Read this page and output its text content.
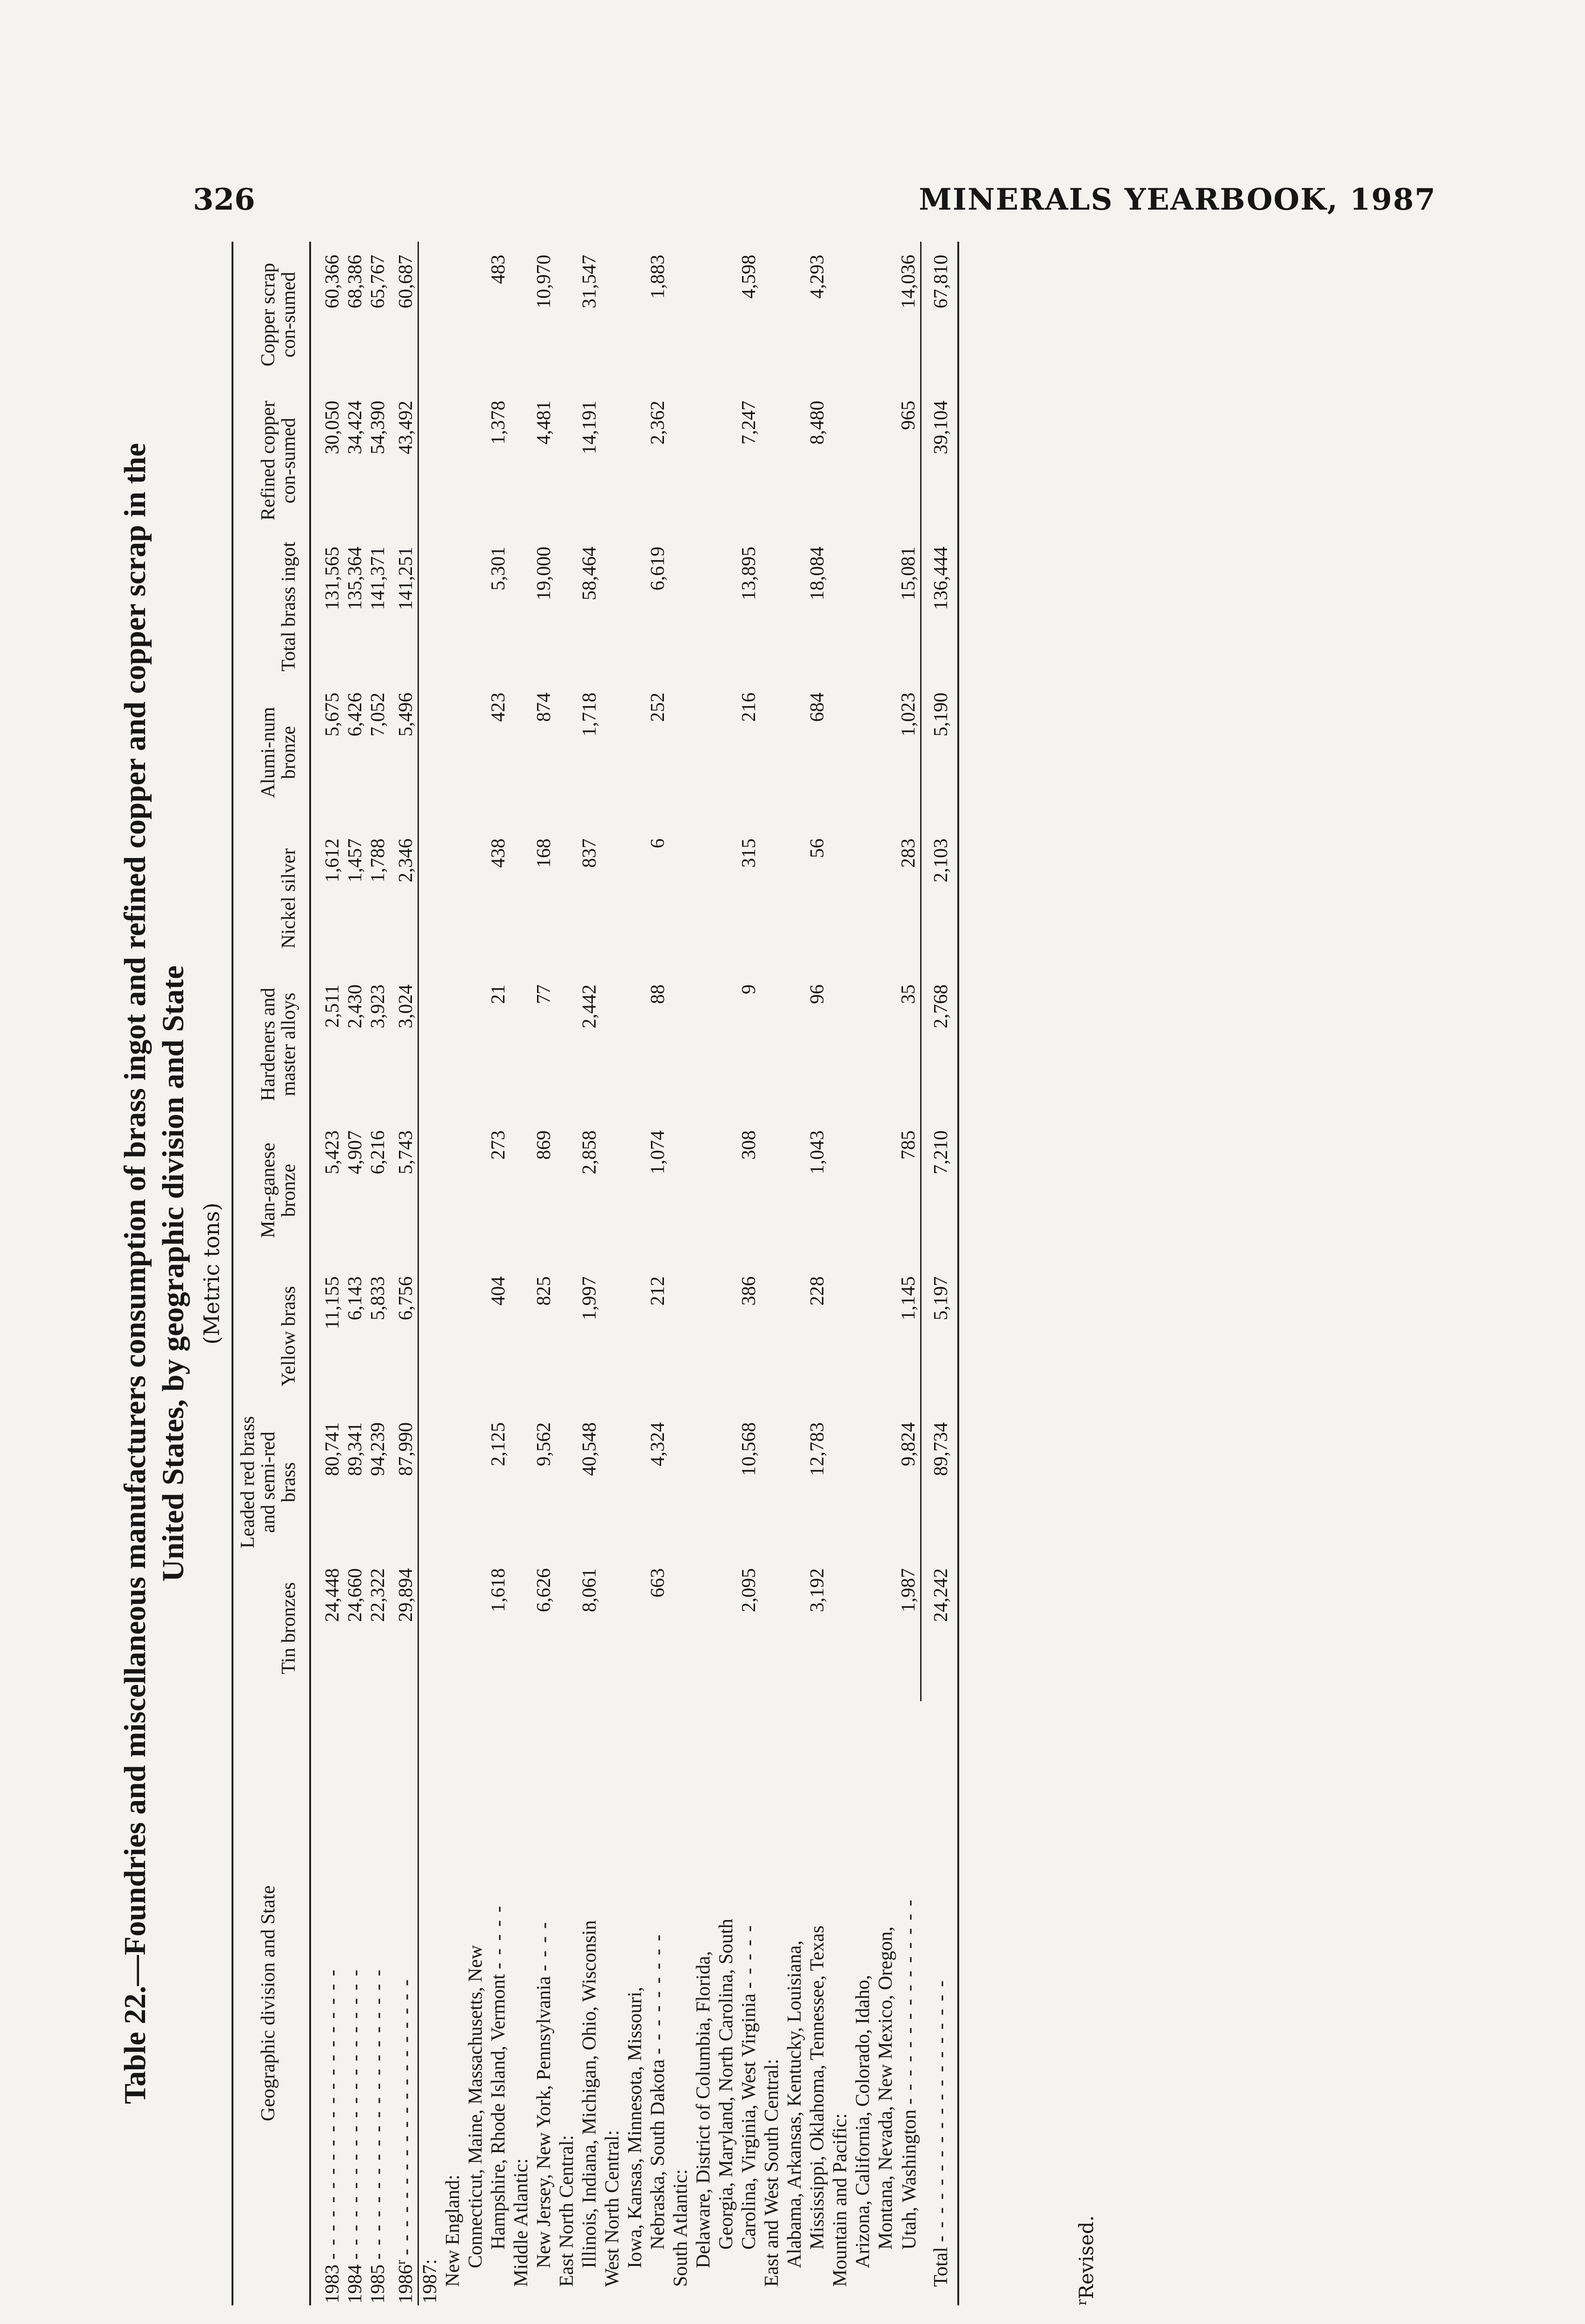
326	MINERALS YEARBOOK, 1987
Table 22.—Foundries and miscellaneous manufacturers consumption of brass ingot and refined copper and copper scrap in the United States, by geographic division and State (Metric tons)
Geographic division and State	Tin bronzes	Leaded red brass and semi-red brass	Yellow brass	Man-ganese bronze	Hardeners and master alloys	Nickel silver	Alumi-num bronze	Total brass ingot	Refined copper con-sumed	Copper scrap con-sumed

1983 - - - - - - - - - - - - - - - - - - - - -	24,448	80,741	11,155	5,423	2,511	1,612	5,675	131,565	30,050	60,366
1984 - - - - - - - - - - - - - - - - - - - - -	24,660	89,341	6,143	4,907	2,430	1,457	6,426	135,364	34,424	68,386
1985 - - - - - - - - - - - - - - - - - - - - -	22,322	94,239	5,833	6,216	3,923	1,788	7,052	141,371	54,390	65,767
1986$^r$ - - - - - - - - - - - - - - - - - - - -	29,894	87,990	6,756	5,743	3,024	2,346	5,496	141,251	43,492	60,687

1987:										
New England:										
Connecticut, Maine, Massachusetts, New										
Hampshire, Rhode Island, Vermont - - - - -	1,618	2,125	404	273	21	438	423	5,301	1,378	483
Middle Atlantic:										
New Jersey, New York, Pennsylvania - - - -	6,626	9,562	825	869	77	168	874	19,000	4,481	10,970
East North Central:										
Illinois, Indiana, Michigan, Ohio, Wisconsin	8,061	40,548	1,997	2,858	2,442	837	1,718	58,464	14,191	31,547
West North Central:										
Iowa, Kansas, Minnesota, Missouri,										
Nebraska, South Dakota - - - - - - - - -	663	4,324	212	1,074	88	6	252	6,619	2,362	1,883
South Atlantic:										
Delaware, District of Columbia, Florida,										
Georgia, Maryland, North Carolina, South										
Carolina, Virginia, West Virginia - - - - -	2,095	10,568	386	308	9	315	216	13,895	7,247	4,598
East and West South Central:										
Alabama, Arkansas, Kentucky, Louisiana,										
Mississippi, Oklahoma, Tennessee, Texas	3,192	12,783	228	1,043	96	56	684	18,084	8,480	4,293
Mountain and Pacific:										
Arizona, California, Colorado, Idaho,										
Montana, Nevada, New Mexico, Oregon,										
Utah, Washington - - - - - - - - - - - - - - -	1,987	9,824	1,145	785	35	283	1,023	15,081	965	14,036
Total - - - - - - - - - - - - - - - - - - -	24,242	89,734	5,197	7,210	2,768	2,103	5,190	136,444	39,104	67,810

$^r$Revised.
